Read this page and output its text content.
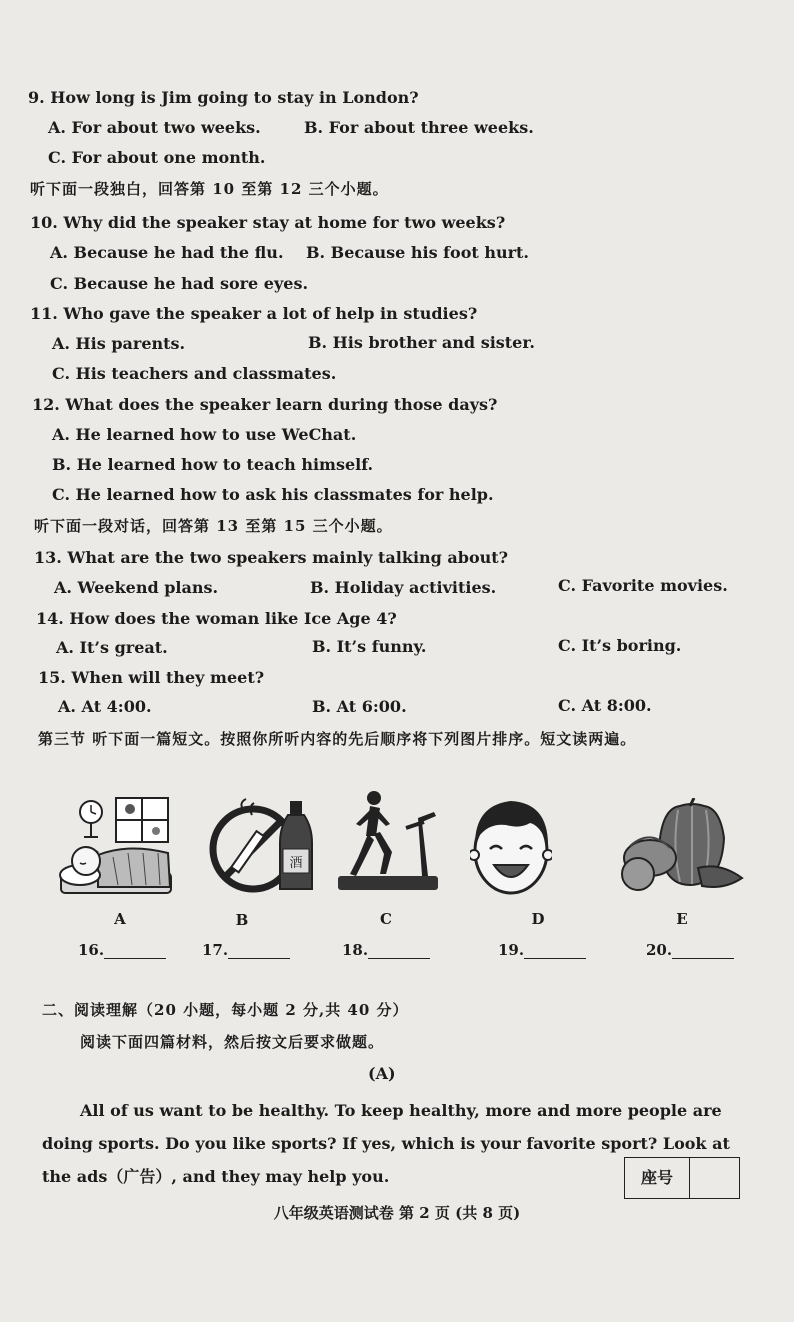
9. How long is Jim going to stay in London?
A. For about two weeks.	B. For about three weeks.
C. For about one month.
听下面一段独白，回答第 10 至第 12 三个小题。
10. Why did the speaker stay at home for two weeks?
A. Because he had the flu. B. Because his foot hurt.
C. Because he had sore eyes.
11. Who gave the speaker a lot of help in studies?
A. His parents.	B. His brother and sister.
C. His teachers and classmates.
12. What does the speaker learn during those days?
A. He learned how to use WeChat.
B. He learned how to teach himself.
C. He learned how to ask his classmates for help.
听下面一段对话，回答第 13 至第 15 三个小题。
13. What are the two speakers mainly talking about?
A. Weekend plans.	B. Holiday activities.	C. Favorite movies.
14. How does the woman like Ice Age 4?
A. It’s great.	B. It’s funny.	C. It’s boring.
15. When will they meet?
A. At 4:00.	B. At 6:00.	C. At 8:00.
第三节 听下面一篇短文。按照你所听内容的先后顺序将下列图片排序。短文读两遍。
A
酒
B	C	D	E
16.	17.	18.	19.	20.
二、阅读理解（20 小题，每小题 2 分,共 40 分）
阅读下面四篇材料，然后按文后要求做题。
(A)
All of us want to be healthy. To keep healthy, more and more people are doing sports. Do you like sports? If yes, which is your favorite sport? Look at the ads（广告）, and they may help you.	座号
八年级英语测试卷 第 2 页 (共 8 页)
